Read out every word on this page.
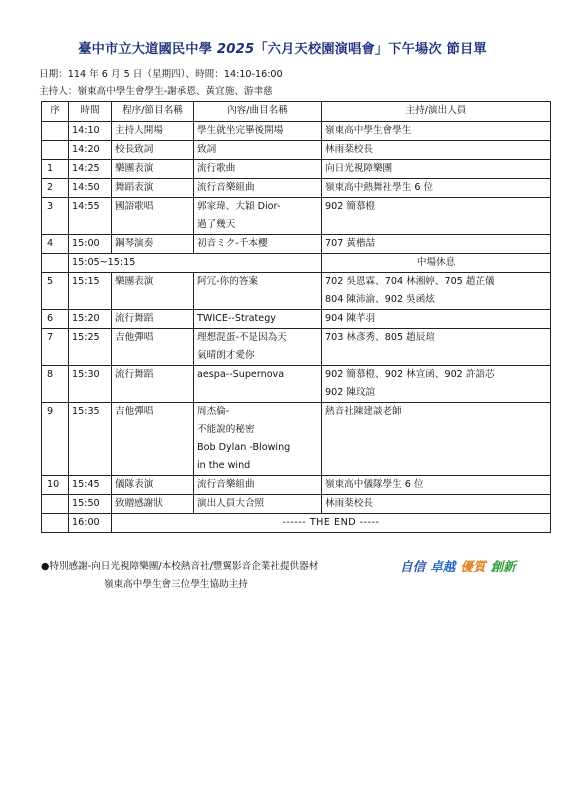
臺中市立大道國民中學 2025「六月天校園演唱會」下午場次 節目單
日期：114 年 6 月 5 日（星期四）、時間：14:10-16:00
主持人：嶺東高中學生會學生-謝承恩、黃宜施、游聿慈
序	時間	程序/節目名稱	內容/曲目名稱	主持/演出人員
	14:10	主持人開場	學生就坐完畢後開場	嶺東高中學生會學生

	14:20	校長致詞	致詞	林雨棻校長

1	14:25	樂團表演	流行歌曲	向日光視障樂團

2	14:50	舞蹈表演	流行音樂組曲	嶺東高中熱舞社學生 6 位

3	14:55	國語歌唱	郭家瑋、大穎 Dior-
過了幾天	902 簡慕橙

4	15:00	鋼琴演奏	初音ミク-千本櫻	707 黃楷喆

	15:05~15:15			中場休息
5	15:15	樂團表演	阿冗-你的答案	702 吳恩霖、704 林湘婷、705 趙芷儀
804 陳沛渝、902 吳函炫

6	15:20	流行舞蹈	TWICE--Strategy	904 陳芊羽

7	15:25	吉他彈唱	理想混蛋-不是因為天
氣晴朗才愛你	703 林彥秀、805 趙辰瑄

8	15:30	流行舞蹈	aespa--Supernova	902 簡慕橙、902 林宣函、902 許語芯
902 陳玟諠

9	15:35	吉他彈唱	周杰倫-
不能說的秘密
Bob Dylan -Blowing
in the wind	熱音社陳建談老師

10	15:45	儀隊表演	流行音樂組曲	嶺東高中儀隊學生 6 位

	15:50	致贈感謝狀	演出人員大合照	林雨棻校長

	16:00	------ THE END -----		
●特別感謝-向日光視障樂團/本校熱音社/豐翼影音企業社提供器材
嶺東高中學生會三位學生協助主持
自信 卓越 優質 創新
